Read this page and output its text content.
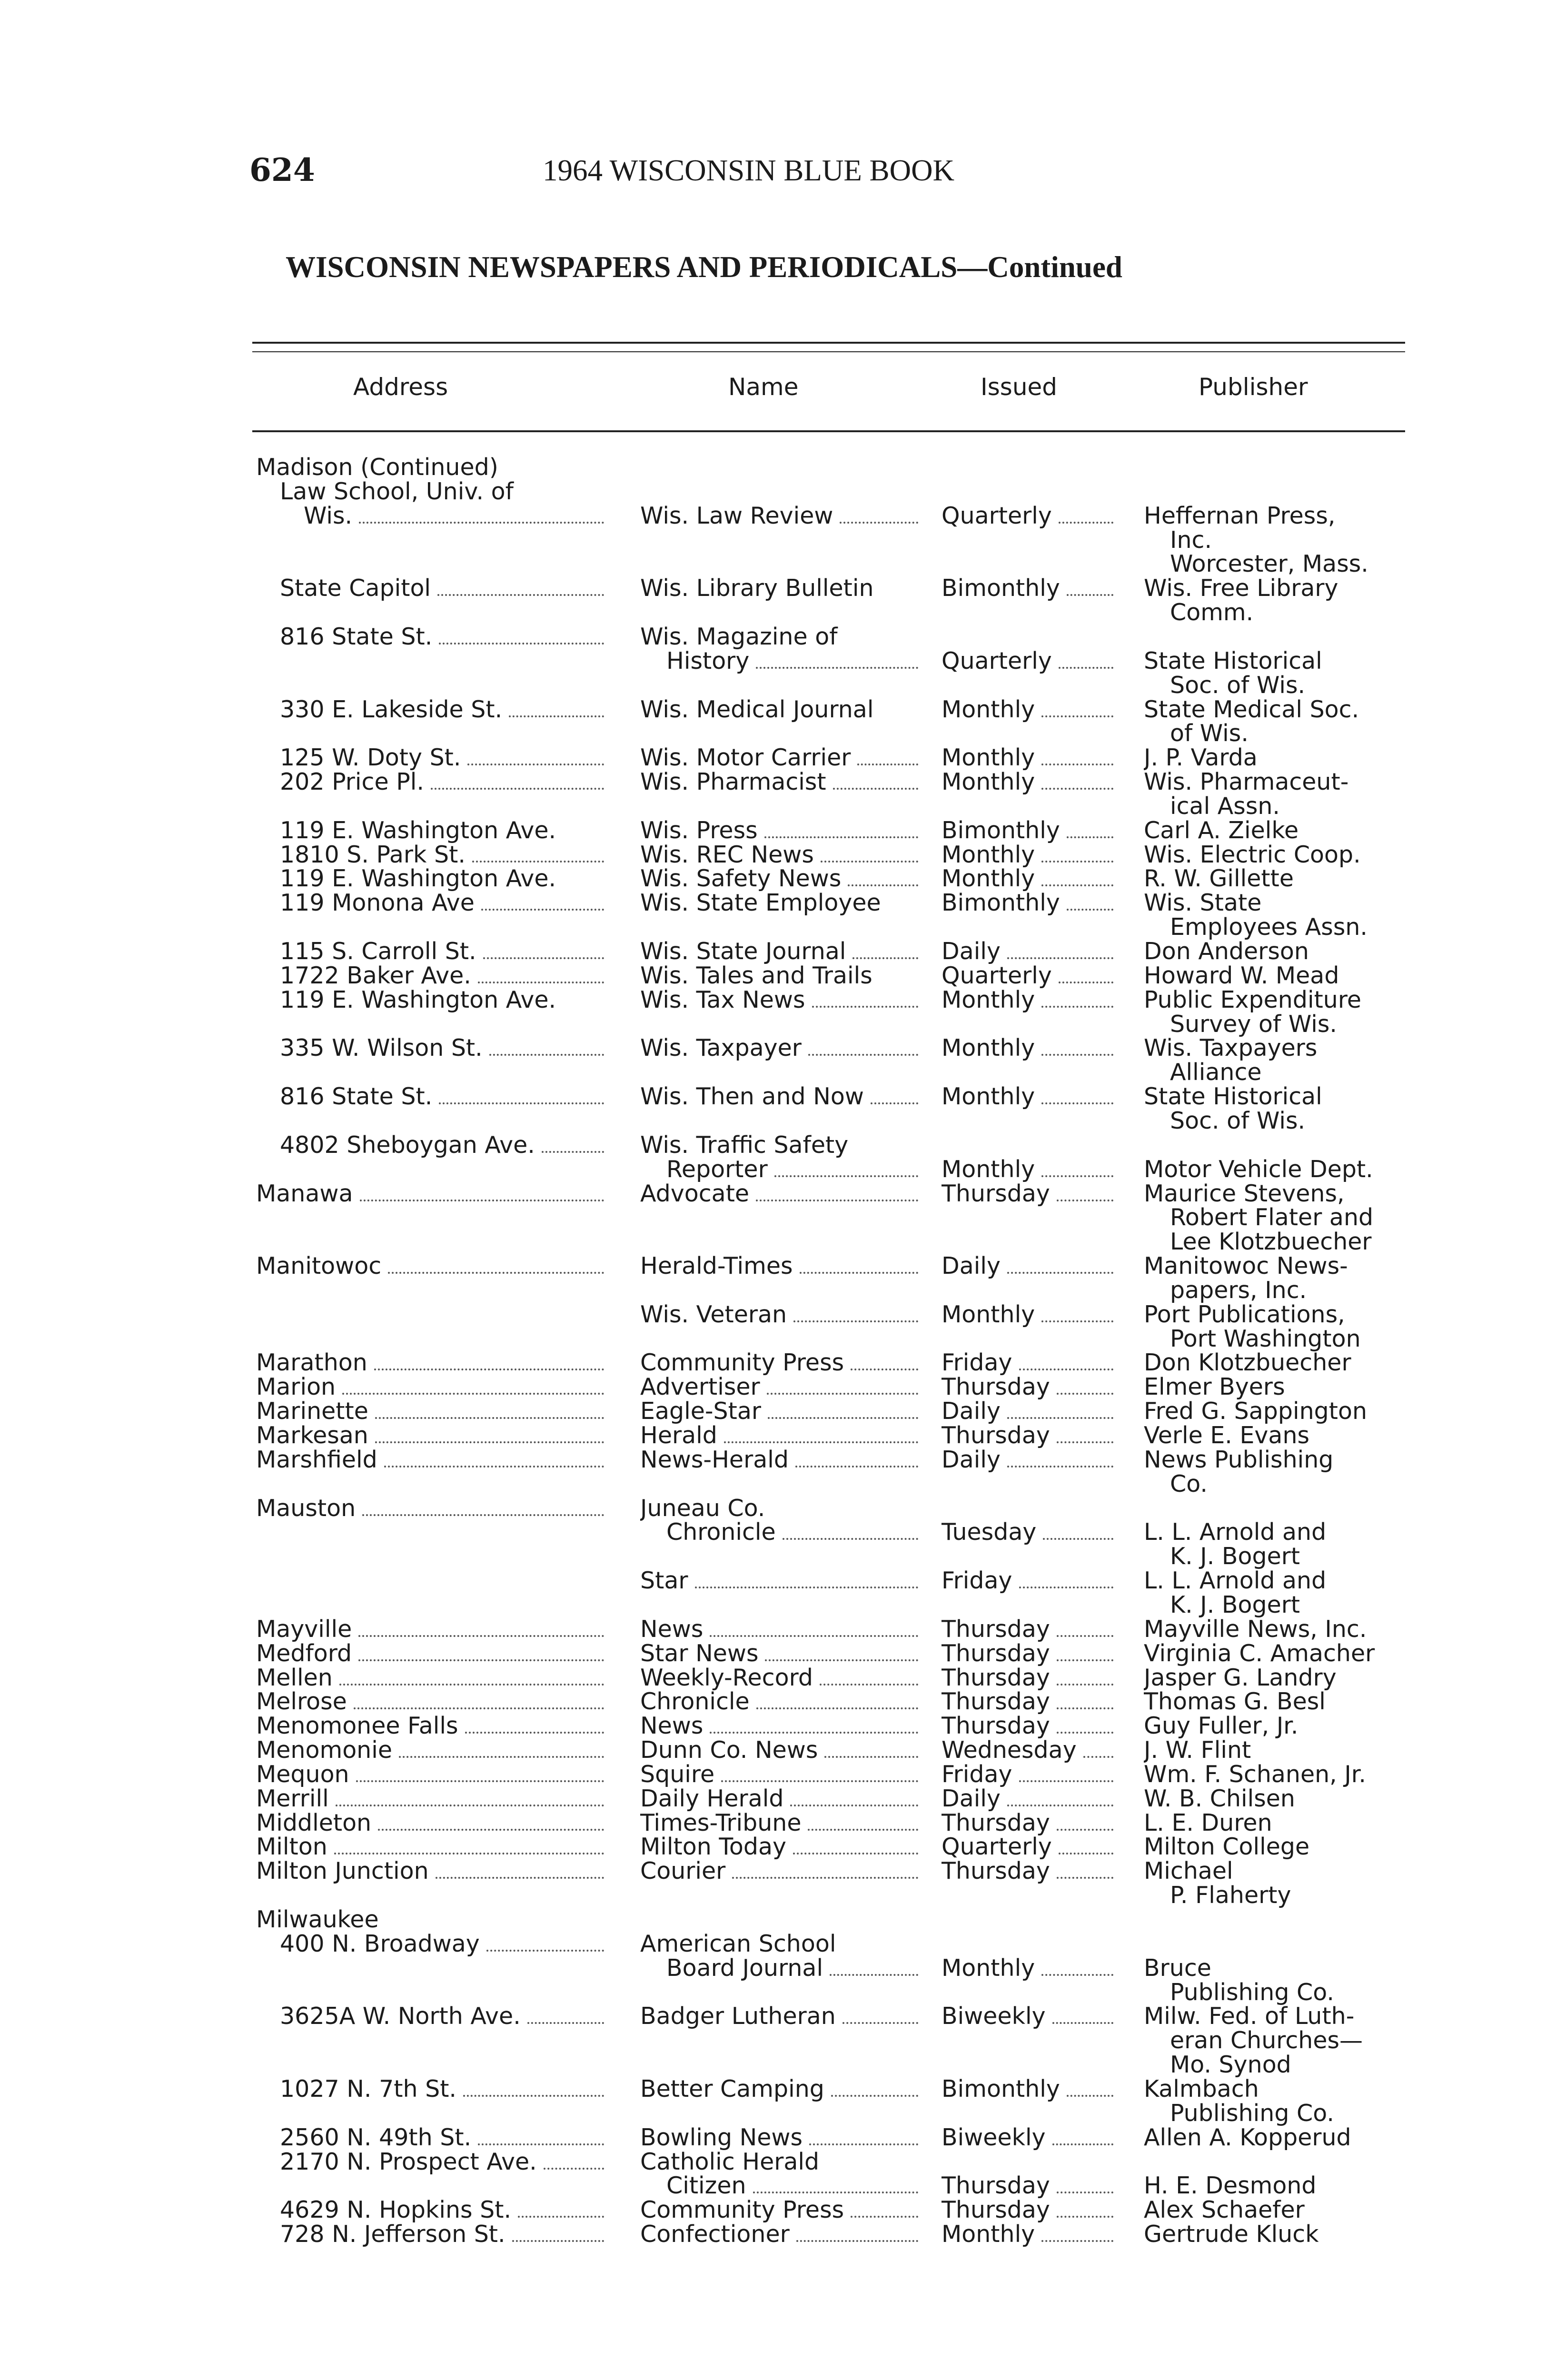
624	1964 WISCONSIN BLUE BOOK
WISCONSIN NEWSPAPERS AND PERIODICALS—Continued
Address	Name	Issued	Publisher
Madison (Continued)
Law School, Univ. of
Wis.	Wis. Law Review	Quarterly	Heffernan Press,
Inc.
Worcester, Mass.
State Capitol	Wis. Library Bulletin	Bimonthly	Wis. Free Library
Comm.
816 State St.	Wis. Magazine of
History	Quarterly	State Historical
Soc. of Wis.
330 E. Lakeside St.	Wis. Medical Journal	Monthly	State Medical Soc.
of Wis.
125 W. Doty St.	Wis. Motor Carrier	Monthly	J. P. Varda
202 Price Pl.	Wis. Pharmacist	Monthly	Wis. Pharmaceut-
ical Assn.
119 E. Washington Ave.	Wis. Press	Bimonthly	Carl A. Zielke
1810 S. Park St.	Wis. REC News	Monthly	Wis. Electric Coop.
119 E. Washington Ave.	Wis. Safety News	Monthly	R. W. Gillette
119 Monona Ave	Wis. State Employee	Bimonthly	Wis. State
Employees Assn.
115 S. Carroll St.	Wis. State Journal	Daily	Don Anderson
1722 Baker Ave.	Wis. Tales and Trails	Quarterly	Howard W. Mead
119 E. Washington Ave.	Wis. Tax News	Monthly	Public Expenditure
Survey of Wis.
335 W. Wilson St.	Wis. Taxpayer	Monthly	Wis. Taxpayers
Alliance
816 State St.	Wis. Then and Now	Monthly	State Historical
Soc. of Wis.
4802 Sheboygan Ave.	Wis. Traffic Safety
Reporter	Monthly	Motor Vehicle Dept.
Manawa	Advocate	Thursday	Maurice Stevens,
Robert Flater and
Lee Klotzbuecher
Manitowoc	Herald-Times	Daily	Manitowoc News-
papers, Inc.
Wis. Veteran	Monthly	Port Publications,
Port Washington
Marathon	Community Press	Friday	Don Klotzbuecher
Marion	Advertiser	Thursday	Elmer Byers
Marinette	Eagle-Star	Daily	Fred G. Sappington
Markesan	Herald	Thursday	Verle E. Evans
Marshfield	News-Herald	Daily	News Publishing
Co.
Mauston	Juneau Co.
Chronicle	Tuesday	L. L. Arnold and
K. J. Bogert
Star	Friday	L. L. Arnold and
K. J. Bogert
Mayville	News	Thursday	Mayville News, Inc.
Medford	Star News	Thursday	Virginia C. Amacher
Mellen	Weekly-Record	Thursday	Jasper G. Landry
Melrose	Chronicle	Thursday	Thomas G. Besl
Menomonee Falls	News	Thursday	Guy Fuller, Jr.
Menomonie	Dunn Co. News	Wednesday	J. W. Flint
Mequon	Squire	Friday	Wm. F. Schanen, Jr.
Merrill	Daily Herald	Daily	W. B. Chilsen
Middleton	Times-Tribune	Thursday	L. E. Duren
Milton	Milton Today	Quarterly	Milton College
Milton Junction	Courier	Thursday	Michael
P. Flaherty
Milwaukee
400 N. Broadway	American School
Board Journal	Monthly	Bruce
Publishing Co.
3625A W. North Ave.	Badger Lutheran	Biweekly	Milw. Fed. of Luth-
eran Churches—
Mo. Synod
1027 N. 7th St.	Better Camping	Bimonthly	Kalmbach
Publishing Co.
2560 N. 49th St.	Bowling News	Biweekly	Allen A. Kopperud
2170 N. Prospect Ave.	Catholic Herald
Citizen	Thursday	H. E. Desmond
4629 N. Hopkins St.	Community Press	Thursday	Alex Schaefer
728 N. Jefferson St.	Confectioner	Monthly	Gertrude Kluck
